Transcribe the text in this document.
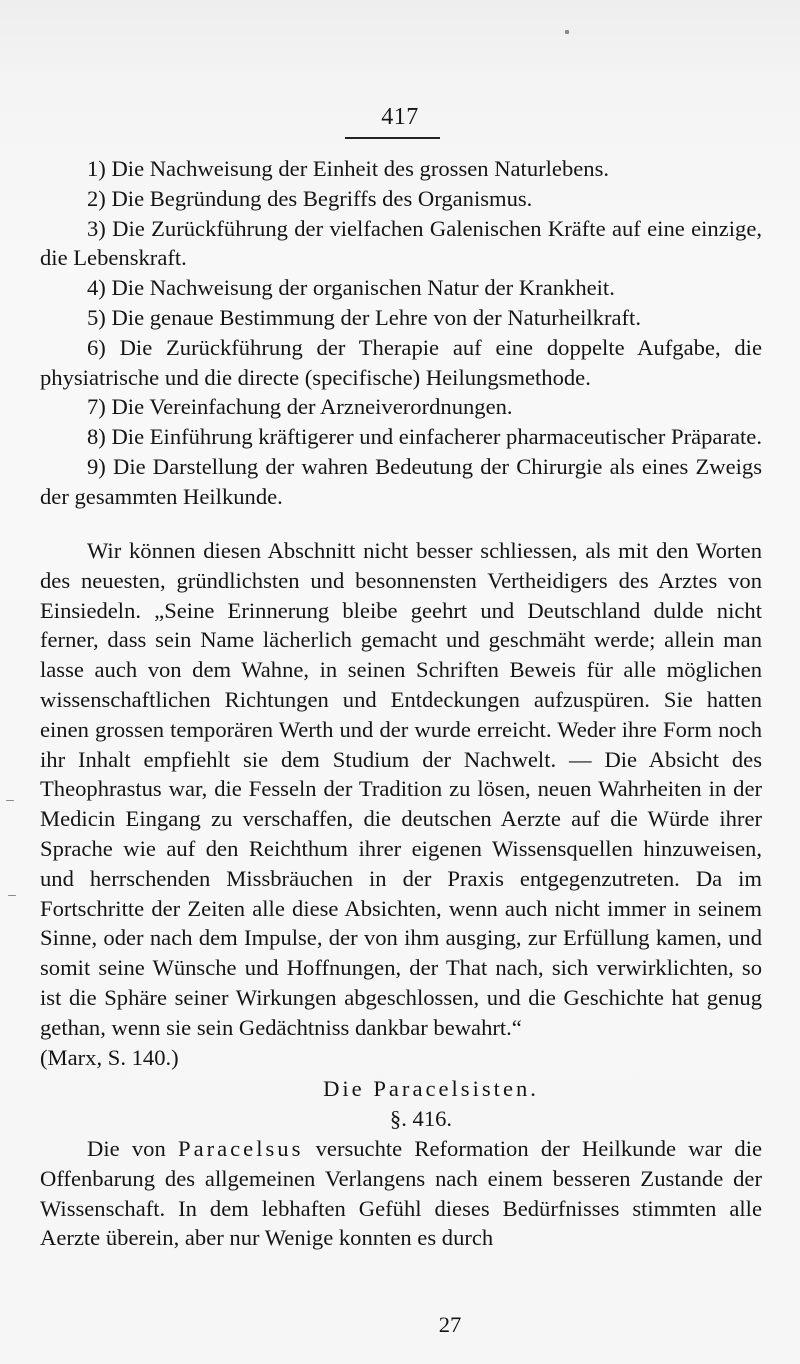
417
1) Die Nachweisung der Einheit des grossen Naturlebens.
2) Die Begründung des Begriffs des Organismus.
3) Die Zurückführung der vielfachen Galenischen Kräfte auf eine einzige, die Lebenskraft.
4) Die Nachweisung der organischen Natur der Krankheit.
5) Die genaue Bestimmung der Lehre von der Naturheilkraft.
6) Die Zurückführung der Therapie auf eine doppelte Aufgabe, die physiatrische und die directe (specifische) Heilungsmethode.
7) Die Vereinfachung der Arzneiverordnungen.
8) Die Einführung kräftigerer und einfacherer pharmaceutischer Präparate.
9) Die Darstellung der wahren Bedeutung der Chirurgie als eines Zweigs der gesammten Heilkunde.

Wir können diesen Abschnitt nicht besser schliessen, als mit den Worten des neuesten, gründlichsten und besonnensten Vertheidigers des Arztes von Einsiedeln. „Seine Erinnerung bleibe geehrt und Deutschland dulde nicht ferner, dass sein Name lächerlich gemacht und geschmäht werde; allein man lasse auch von dem Wahne, in seinen Schriften Beweis für alle möglichen wissenschaftlichen Richtungen und Entdeckungen aufzuspüren. Sie hatten einen grossen temporären Werth und der wurde erreicht. Weder ihre Form noch ihr Inhalt empfiehlt sie dem Studium der Nachwelt. — Die Absicht des Theophrastus war, die Fesseln der Tradition zu lösen, neuen Wahrheiten in der Medicin Eingang zu verschaffen, die deutschen Aerzte auf die Würde ihrer Sprache wie auf den Reichthum ihrer eigenen Wissensquellen hinzuweisen, und herrschenden Missbräuchen in der Praxis entgegenzutreten. Da im Fortschritte der Zeiten alle diese Absichten, wenn auch nicht immer in seinem Sinne, oder nach dem Impulse, der von ihm ausging, zur Erfüllung kamen, und somit seine Wünsche und Hoffnungen, der That nach, sich verwirklichten, so ist die Sphäre seiner Wirkungen abgeschlossen, und die Geschichte hat genug gethan, wenn sie sein Gedächtniss dankbar bewahrt.“

(Marx, S. 140.)
Die Paracelsisten.
§. 416.

Die von Paracelsus versuchte Reformation der Heilkunde war die Offenbarung des allgemeinen Verlangens nach einem besseren Zustande der Wissenschaft. In dem lebhaften Gefühl dieses Bedürfnisses stimmten alle Aerzte überein, aber nur Wenige konnten es durch

27
